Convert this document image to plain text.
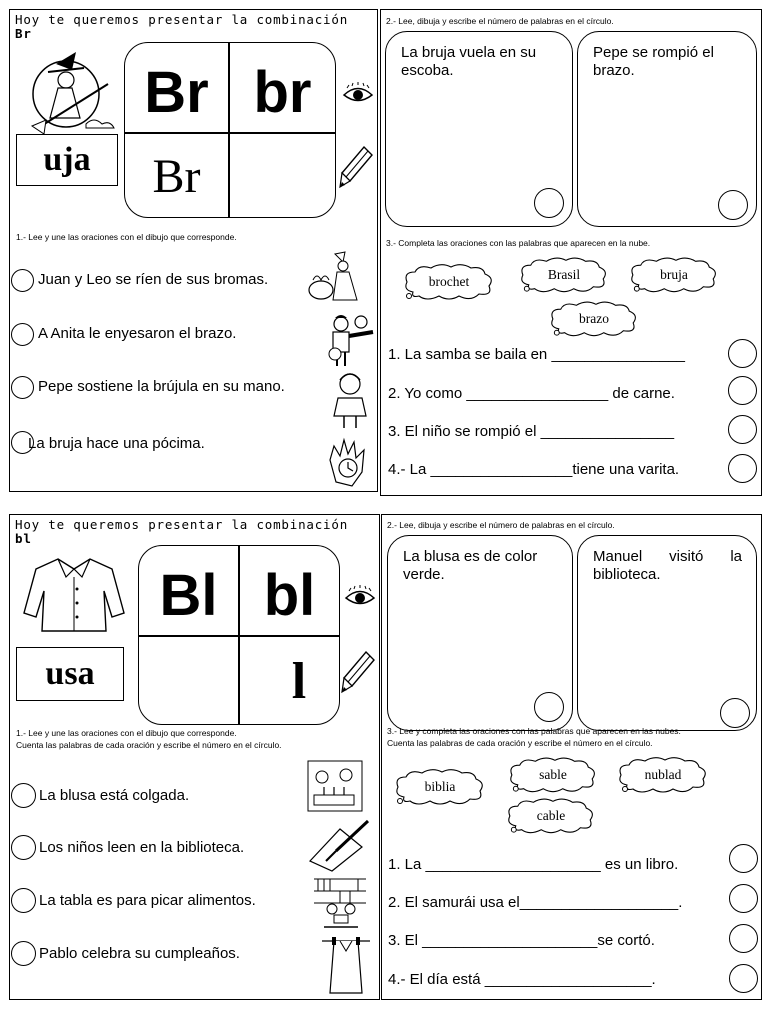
Hoy te queremos presentar la combinación
Br
uja
Br br
Br
1.- Lee y une las oraciones con el dibujo que corresponde.
Juan y Leo se ríen de sus bromas.
A Anita le enyesaron el brazo.
Pepe sostiene la brújula en su mano.
La bruja hace una pócima.
2.- Lee, dibuja y escribe el número de palabras en el círculo.
La bruja vuela en su escoba.
Pepe se rompió el brazo.
3.- Completa las oraciones con las palabras que aparecen en la nube.
brochet	Brasil	bruja
brazo
1. La samba se baila en ________________
2. Yo como _________________ de carne.
3. El niño se rompió el ________________
4.- La _________________tiene una varita.
Hoy te queremos presentar la combinación
bl
usa
Bl bl
l
1.- Lee y une las oraciones con el dibujo que corresponde.
Cuenta las palabras de cada oración y escribe el número en el círculo.
La blusa está colgada.
Los niños leen en la biblioteca.
La tabla es para picar alimentos.
Pablo celebra su cumpleaños.
2.- Lee, dibuja y escribe el número de palabras en el círculo.
La blusa es de color verde.
Manuel visitó la biblioteca.
3.- Lee y completa las oraciones con las palabras que aparecen en las nubes.
Cuenta las palabras de cada oración y escribe el número en el círculo.
biblia
sable	nublad
cable
1. La _____________________ es un libro.
2. El samurái usa el___________________.
3. El _____________________se cortó.
4.- El día está ____________________.
